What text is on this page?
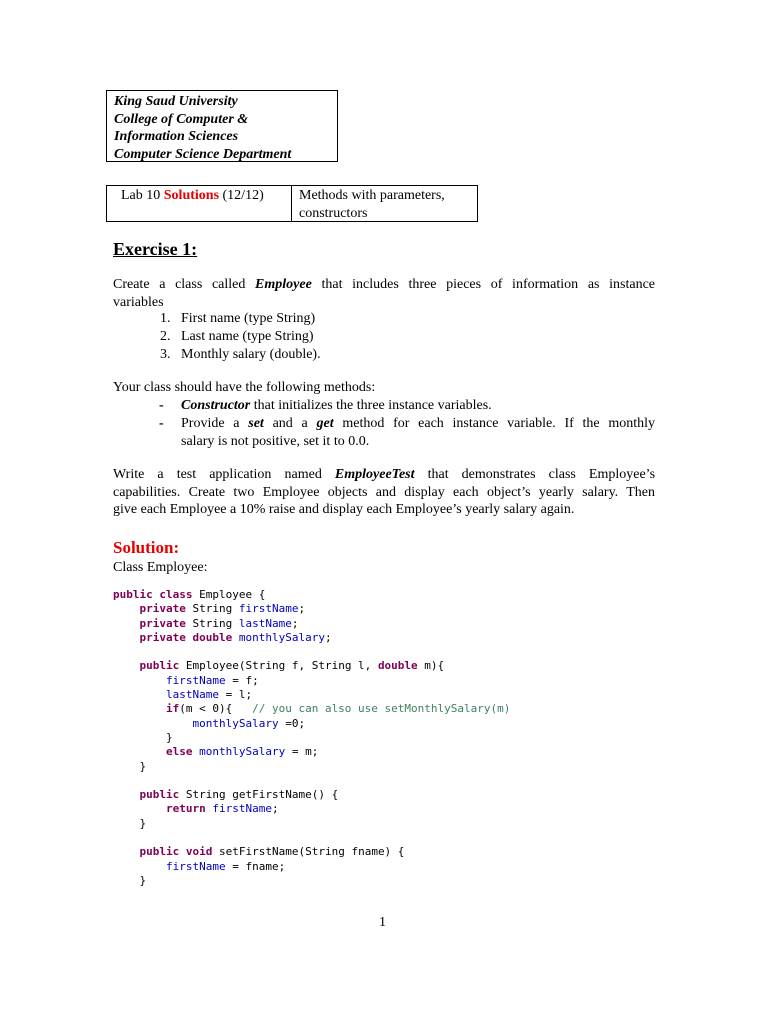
King Saud University
College of Computer &
Information Sciences
Computer Science Department
Lab 10 Solutions (12/12)	Methods with parameters,
constructors
Exercise 1:
Create a class called Employee that includes three pieces of information as instance
variables
1. First name (type String)
2. Last name (type String)
3. Monthly salary (double).
Your class should have the following methods:
- Constructor that initializes the three instance variables.
- Provide a set and a get method for each instance variable. If the monthly
salary is not positive, set it to 0.0.
Write a test application named EmployeeTest that demonstrates class Employee’s
capabilities. Create two Employee objects and display each object’s yearly salary. Then
give each Employee a 10% raise and display each Employee’s yearly salary again.
Solution:
Class Employee:
public class Employee {
private String firstName;
private String lastName;
private double monthlySalary;

public Employee(String f, String l, double m){
firstName = f;
lastName = l;
if(m < 0){   // you can also use setMonthlySalary(m)
monthlySalary =0;
}
else monthlySalary = m;
}

public String getFirstName() {
return firstName;
}

public void setFirstName(String fname) {
firstName = fname;
}
1
